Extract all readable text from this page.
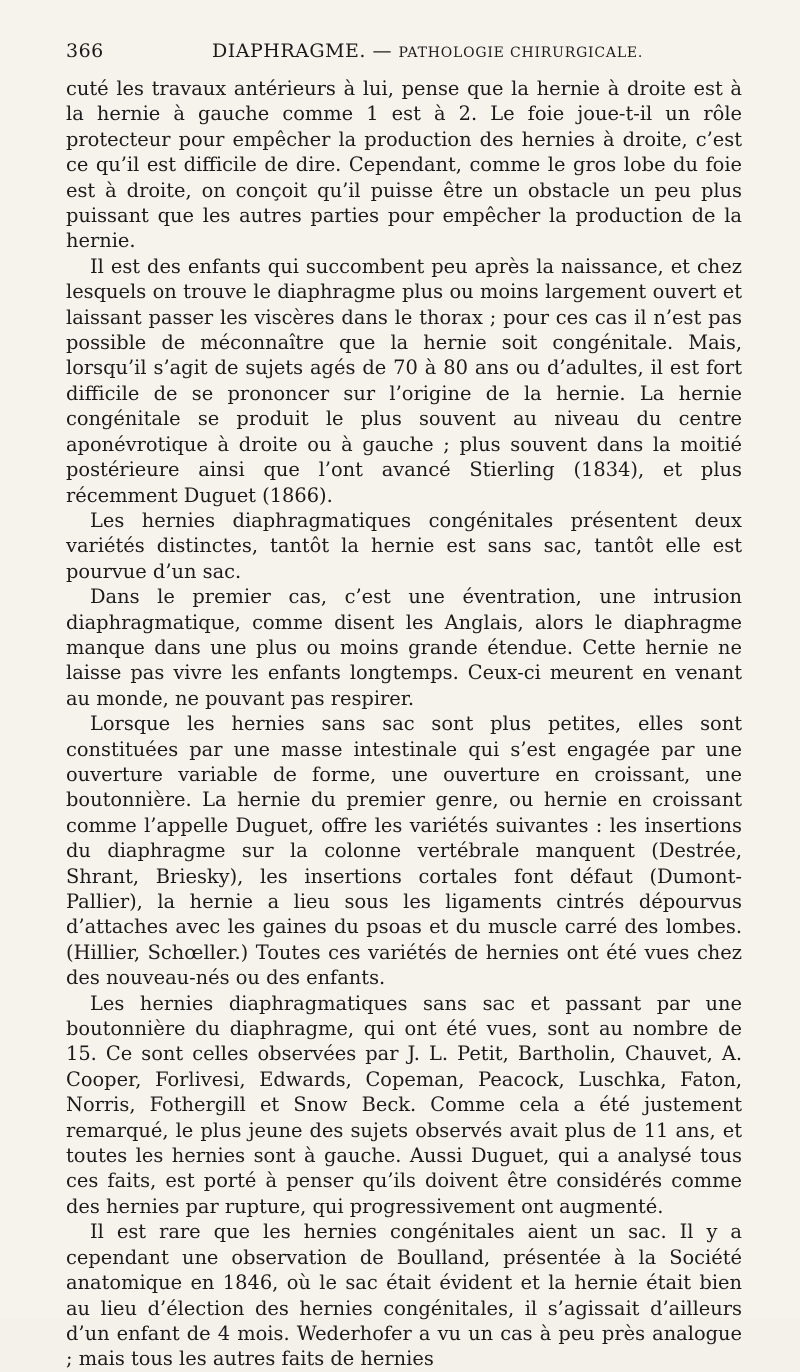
366	DIAPHRAGME. — PATHOLOGIE CHIRURGICALE.

cuté les travaux antérieurs à lui, pense que la hernie à droite est à la hernie à gauche comme 1 est à 2. Le foie joue-t-il un rôle protecteur pour empêcher la production des hernies à droite, c’est ce qu’il est difficile de dire. Cependant, comme le gros lobe du foie est à droite, on conçoit qu’il puisse être un obstacle un peu plus puissant que les autres parties pour empêcher la production de la hernie.

Il est des enfants qui succombent peu après la naissance, et chez lesquels on trouve le diaphragme plus ou moins largement ouvert et laissant passer les viscères dans le thorax ; pour ces cas il n’est pas possible de méconnaître que la hernie soit congénitale. Mais, lorsqu’il s’agit de sujets agés de 70 à 80 ans ou d’adultes, il est fort difficile de se prononcer sur l’origine de la hernie. La hernie congénitale se produit le plus souvent au niveau du centre aponévrotique à droite ou à gauche ; plus souvent dans la moitié postérieure ainsi que l’ont avancé Stierling (1834), et plus récemment Duguet (1866).

Les hernies diaphragmatiques congénitales présentent deux variétés distinctes, tantôt la hernie est sans sac, tantôt elle est pourvue d’un sac.

Dans le premier cas, c’est une éventration, une intrusion diaphragmatique, comme disent les Anglais, alors le diaphragme manque dans une plus ou moins grande étendue. Cette hernie ne laisse pas vivre les enfants longtemps. Ceux-ci meurent en venant au monde, ne pouvant pas respirer.

Lorsque les hernies sans sac sont plus petites, elles sont constituées par une masse intestinale qui s’est engagée par une ouverture variable de forme, une ouverture en croissant, une boutonnière. La hernie du premier genre, ou hernie en croissant comme l’appelle Duguet, offre les variétés suivantes : les insertions du diaphragme sur la colonne vertébrale manquent (Destrée, Shrant, Briesky), les insertions cortales font défaut (Dumont-Pallier), la hernie a lieu sous les ligaments cintrés dépourvus d’attaches avec les gaines du psoas et du muscle carré des lombes. (Hillier, Schœller.) Toutes ces variétés de hernies ont été vues chez des nouveau-nés ou des enfants.

Les hernies diaphragmatiques sans sac et passant par une boutonnière du diaphragme, qui ont été vues, sont au nombre de 15. Ce sont celles observées par J. L. Petit, Bartholin, Chauvet, A. Cooper, Forlivesi, Edwards, Copeman, Peacock, Luschka, Faton, Norris, Fothergill et Snow Beck. Comme cela a été justement remarqué, le plus jeune des sujets observés avait plus de 11 ans, et toutes les hernies sont à gauche. Aussi Duguet, qui a analysé tous ces faits, est porté à penser qu’ils doivent être considérés comme des hernies par rupture, qui progressivement ont augmenté.

Il est rare que les hernies congénitales aient un sac. Il y a cependant une observation de Boulland, présentée à la Société anatomique en 1846, où le sac était évident et la hernie était bien au lieu d’élection des hernies congénitales, il s’agissait d’ailleurs d’un enfant de 4 mois. Wederhofer a vu un cas à peu près analogue ; mais tous les autres faits de hernies
